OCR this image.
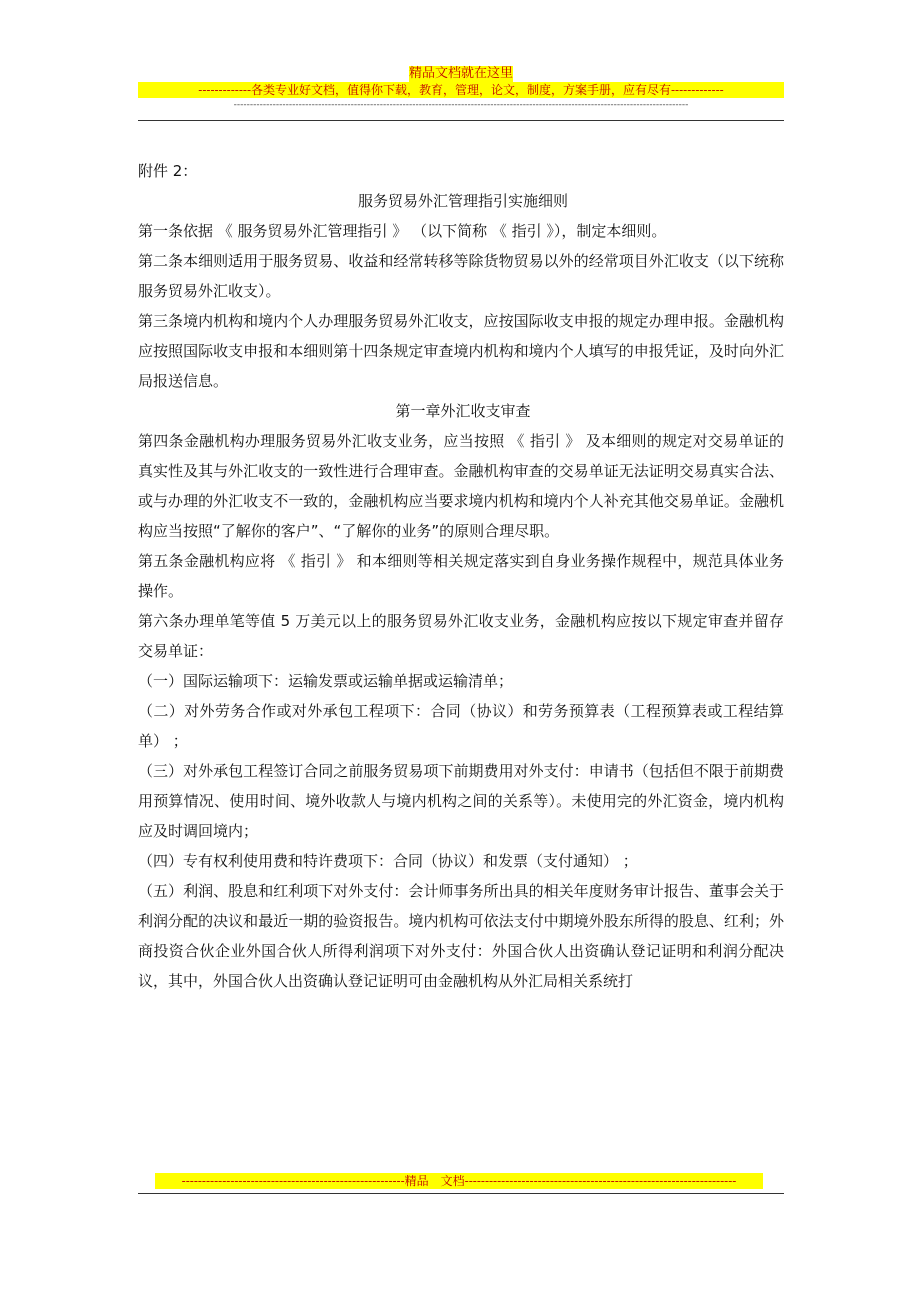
精品文档就在这里
-------------各类专业好文档，值得你下载，教育，管理，论文，制度，方案手册，应有尽有-------------
--------------------------------------------------------------------------------------------------------------------------------------------

附件 2：

服务贸易外汇管理指引实施细则

第一条依据 《 服务贸易外汇管理指引 》 （以下简称 《 指引 》），制定本细则。

第二条本细则适用于服务贸易、收益和经常转移等除货物贸易以外的经常项目外汇收支（以下统称服务贸易外汇收支）。

第三条境内机构和境内个人办理服务贸易外汇收支，应按国际收支申报的规定办理申报。金融机构应按照国际收支申报和本细则第十四条规定审查境内机构和境内个人填写的申报凭证，及时向外汇局报送信息。

第一章外汇收支审查

第四条金融机构办理服务贸易外汇收支业务，应当按照 《 指引 》 及本细则的规定对交易单证的真实性及其与外汇收支的一致性进行合理审查。金融机构审查的交易单证无法证明交易真实合法、或与办理的外汇收支不一致的，金融机构应当要求境内机构和境内个人补充其他交易单证。金融机构应当按照“了解你的客户”、“了解你的业务”的原则合理尽职。

第五条金融机构应将 《 指引 》 和本细则等相关规定落实到自身业务操作规程中，规范具体业务操作。

第六条办理单笔等值 5 万美元以上的服务贸易外汇收支业务，金融机构应按以下规定审查并留存交易单证：

（一）国际运输项下：运输发票或运输单据或运输清单；

（二）对外劳务合作或对外承包工程项下：合同（协议）和劳务预算表（工程预算表或工程结算单） ；

（三）对外承包工程签订合同之前服务贸易项下前期费用对外支付：申请书（包括但不限于前期费用预算情况、使用时间、境外收款人与境内机构之间的关系等）。未使用完的外汇资金，境内机构应及时调回境内；

（四）专有权利使用费和特许费项下：合同（协议）和发票（支付通知） ；

（五）利润、股息和红利项下对外支付：会计师事务所出具的相关年度财务审计报告、董事会关于利润分配的决议和最近一期的验资报告。境内机构可依法支付中期境外股东所得的股息、红利；外商投资合伙企业外国合伙人所得利润项下对外支付：外国合伙人出资确认登记证明和利润分配决议，其中，外国合伙人出资确认登记证明可由金融机构从外汇局相关系统打

-------------------------------------------------------精品　文档-------------------------------------------------------------------
